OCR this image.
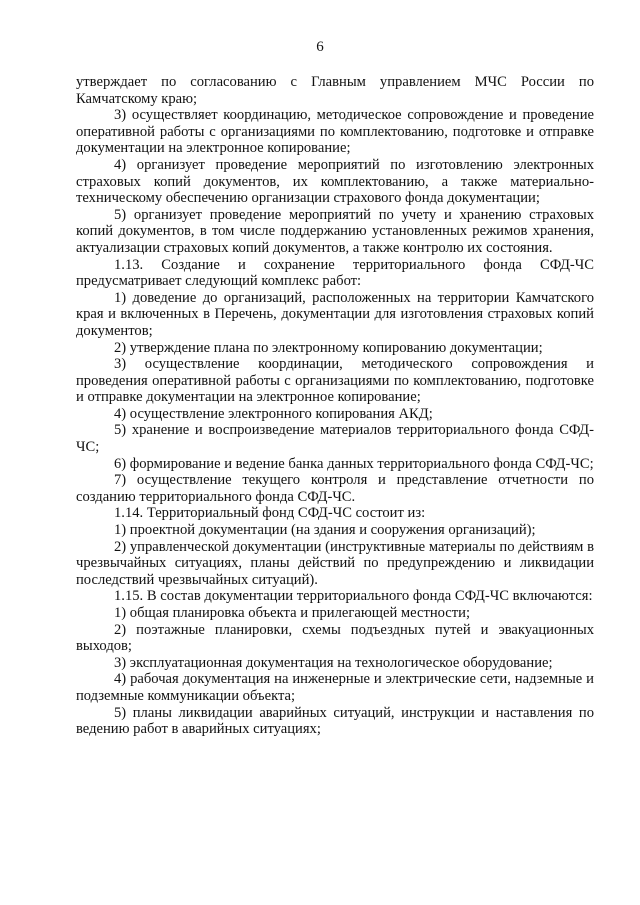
6

утверждает по согласованию с Главным управлением МЧС России по Камчатскому краю;

3) осуществляет координацию, методическое сопровождение и проведение оперативной работы с организациями по комплектованию, подготовке и отправке документации на электронное копирование;

4) организует проведение мероприятий по изготовлению электронных страховых копий документов, их комплектованию, а также материально-техническому обеспечению организации страхового фонда документации;

5) организует проведение мероприятий по учету и хранению страховых копий документов, в том числе поддержанию установленных режимов хранения, актуализации страховых копий документов, а также контролю их состояния.

1.13. Создание и сохранение территориального фонда СФД-ЧС предусматривает следующий комплекс работ:

1) доведение до организаций, расположенных на территории Камчатского края и включенных в Перечень, документации для изготовления страховых копий документов;

2) утверждение плана по электронному копированию документации;

3) осуществление координации, методического сопровождения и проведения оперативной работы с организациями по комплектованию, подготовке и отправке документации на электронное копирование;

4) осуществление электронного копирования АКД;

5) хранение и воспроизведение материалов территориального фонда СФД-ЧС;

6) формирование и ведение банка данных территориального фонда СФД-ЧС;

7) осуществление текущего контроля и представление отчетности по созданию территориального фонда СФД-ЧС.

1.14. Территориальный фонд СФД-ЧС состоит из:

1) проектной документации (на здания и сооружения организаций);

2) управленческой документации (инструктивные материалы по действиям в чрезвычайных ситуациях, планы действий по предупреждению и ликвидации последствий чрезвычайных ситуаций).

1.15. В состав документации территориального фонда СФД-ЧС включаются:

1) общая планировка объекта и прилегающей местности;

2) поэтажные планировки, схемы подъездных путей и эвакуационных выходов;

3) эксплуатационная документация на технологическое оборудование;

4) рабочая документация на инженерные и электрические сети, надземные и подземные коммуникации объекта;

5) планы ликвидации аварийных ситуаций, инструкции и наставления по ведению работ в аварийных ситуациях;
